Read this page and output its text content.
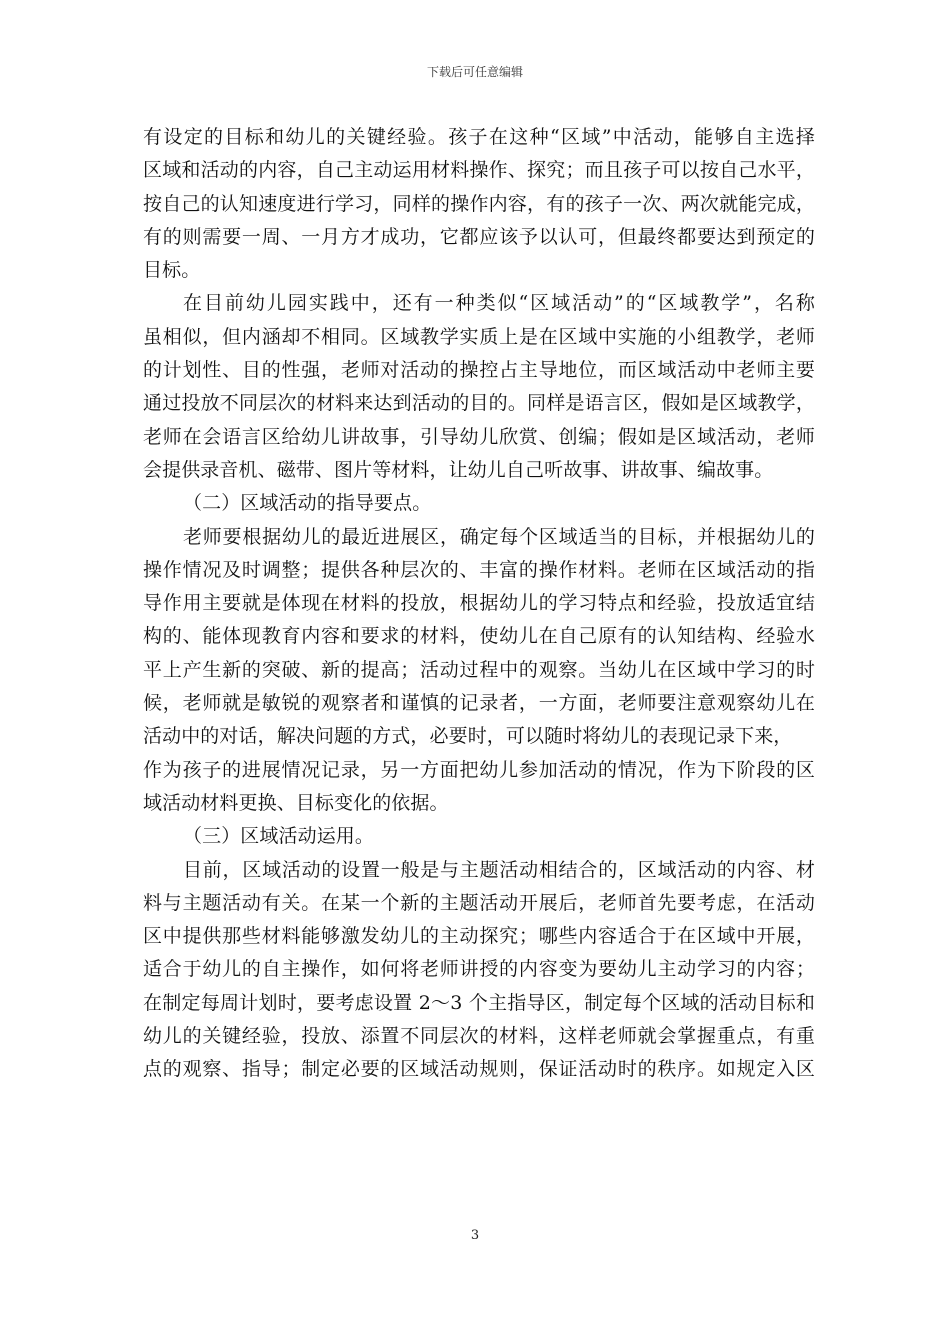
下载后可任意编辑
有设定的目标和幼儿的关键经验。孩子在这种“区域”中活动，能够自主选择
区域和活动的内容，自己主动运用材料操作、探究；而且孩子可以按自己水平，
按自己的认知速度进行学习，同样的操作内容，有的孩子一次、两次就能完成，
有的则需要一周、一月方才成功，它都应该予以认可，但最终都要达到预定的
目标。
在目前幼儿园实践中，还有一种类似“区域活动”的“区域教学”，名称
虽相似，但内涵却不相同。区域教学实质上是在区域中实施的小组教学，老师
的计划性、目的性强，老师对活动的操控占主导地位，而区域活动中老师主要
通过投放不同层次的材料来达到活动的目的。同样是语言区，假如是区域教学，
老师在会语言区给幼儿讲故事，引导幼儿欣赏、创编；假如是区域活动，老师
会提供录音机、磁带、图片等材料，让幼儿自己听故事、讲故事、编故事。
（二）区域活动的指导要点。
老师要根据幼儿的最近进展区，确定每个区域适当的目标，并根据幼儿的
操作情况及时调整；提供各种层次的、丰富的操作材料。老师在区域活动的指
导作用主要就是体现在材料的投放，根据幼儿的学习特点和经验，投放适宜结
构的、能体现教育内容和要求的材料，使幼儿在自己原有的认知结构、经验水
平上产生新的突破、新的提高；活动过程中的观察。当幼儿在区域中学习的时
候，老师就是敏锐的观察者和谨慎的记录者，一方面，老师要注意观察幼儿在
活动中的对话，解决问题的方式，必要时，可以随时将幼儿的表现记录下来，
作为孩子的进展情况记录，另一方面把幼儿参加活动的情况，作为下阶段的区
域活动材料更换、目标变化的依据。
（三）区域活动运用。
目前，区域活动的设置一般是与主题活动相结合的，区域活动的内容、材
料与主题活动有关。在某一个新的主题活动开展后，老师首先要考虑，在活动
区中提供那些材料能够激发幼儿的主动探究；哪些内容适合于在区域中开展，
适合于幼儿的自主操作，如何将老师讲授的内容变为要幼儿主动学习的内容；
在制定每周计划时，要考虑设置 2～3 个主指导区，制定每个区域的活动目标和
幼儿的关键经验，投放、添置不同层次的材料，这样老师就会掌握重点，有重
点的观察、指导；制定必要的区域活动规则，保证活动时的秩序。如规定入区
3
